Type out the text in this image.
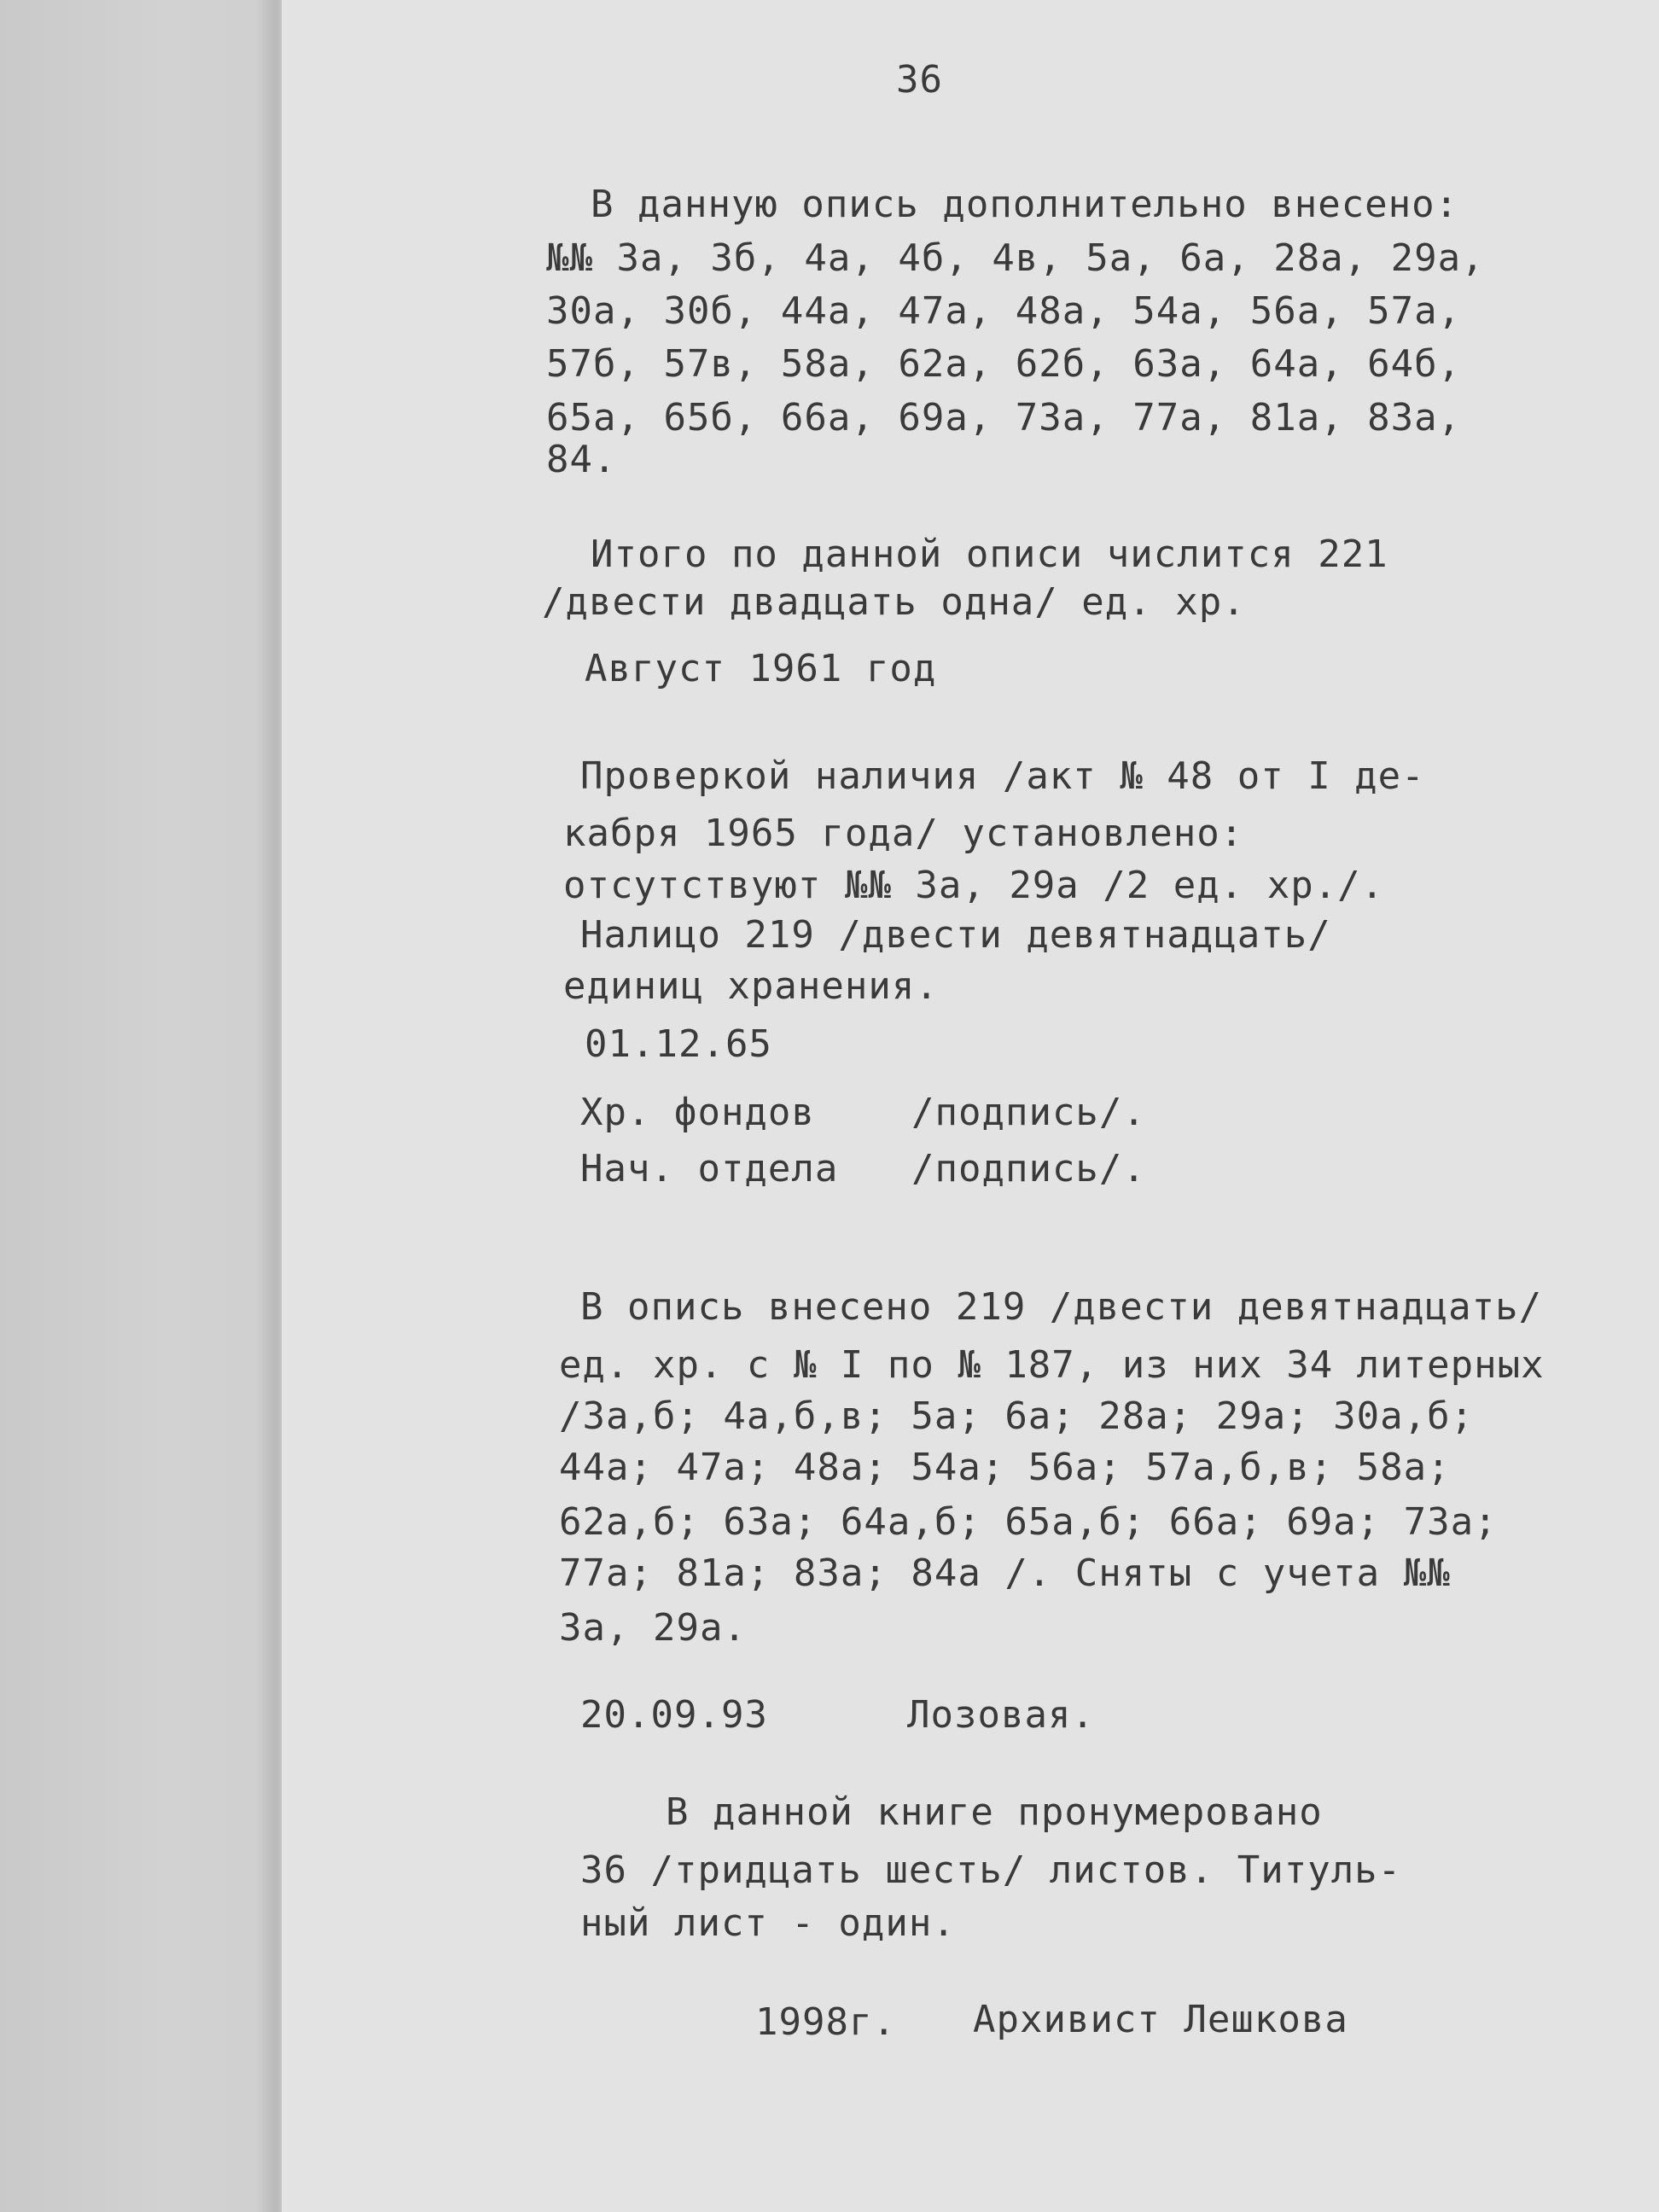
36
В данную опись дополнительно внесено:
№№ 3а, 3б, 4а, 4б, 4в, 5а, 6а, 28а, 29а,
30а, 30б, 44а, 47а, 48а, 54а, 56а, 57а,
57б, 57в, 58а, 62а, 62б, 63а, 64а, 64б,
65а, 65б, 66а, 69а, 73а, 77а, 81а, 83а,
84.
Итого по данной описи числится 221
/двести двадцать одна/ ед. хр.
Август 1961 год
Проверкой наличия /акт № 48 от I де-
кабря 1965 года/ установлено:
отсутствуют №№ 3а, 29а /2 ед. хр./.
Налицо 219 /двести девятнадцать/
единиц хранения.
01.12.65
Хр. фондов	/подпись/.
Нач. отдела /подпись/.
В опись внесено 219 /двести девятнадцать/
ед. хр. с № I по № 187, из них 34 литерных
/3а,б; 4а,б,в; 5а; 6а; 28а; 29а; 30а,б;
44а; 47а; 48а; 54а; 56а; 57а,б,в; 58а;
62а,б; 63а; 64а,б; 65а,б; 66а; 69а; 73а;
77а; 81а; 83а; 84а /. Сняты с учета №№
3а, 29а.
20.09.93	Лозовая.
В данной книге пронумеровано
36 /тридцать шесть/ листов. Титуль-
ный лист - один.
1998г. Архивист Лешкова
